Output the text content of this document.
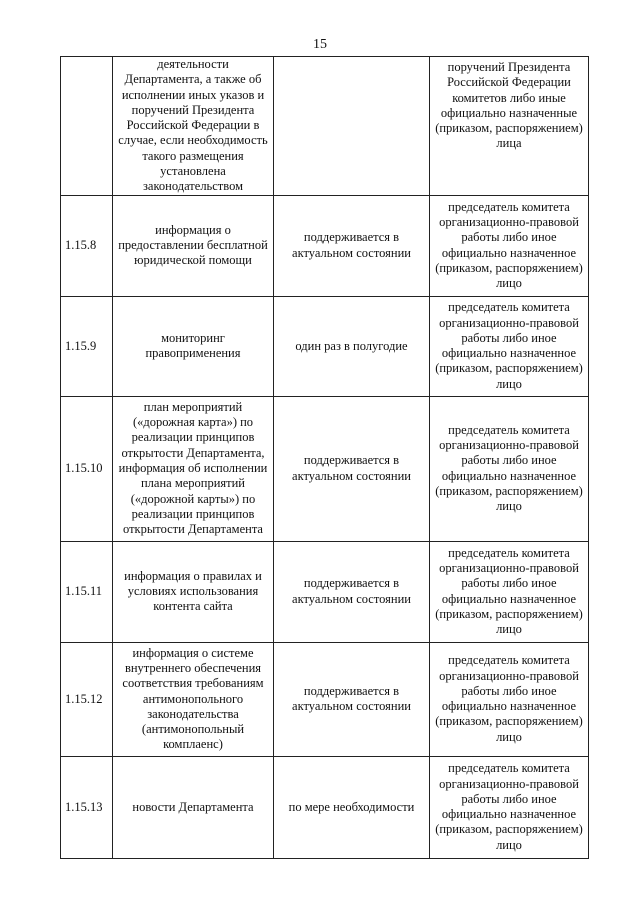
15
	деятельности Департамента, а также об исполнении иных указов и поручений Президента Российской Федерации в случае, если необходимость такого размещения установлена законодательством		поручений Президента Российской Федерации комитетов либо иные официально назначенные (приказом, распоряжением) лица
1.15.8	информация о предоставлении бесплатной юридической помощи	поддерживается в актуальном состоянии	председатель комитета организационно-правовой работы либо иное официально назначенное (приказом, распоряжением) лицо
1.15.9	мониторинг правоприменения	один раз в полугодие	председатель комитета организационно-правовой работы либо иное официально назначенное (приказом, распоряжением) лицо
1.15.10	план мероприятий («дорожная карта») по реализации принципов открытости Департамента, информация об исполнении плана мероприятий («дорожной карты») по реализации принципов открытости Департамента	поддерживается в актуальном состоянии	председатель комитета организационно-правовой работы либо иное официально назначенное (приказом, распоряжением) лицо
1.15.11	информация о правилах и условиях использования контента сайта	поддерживается в актуальном состоянии	председатель комитета организационно-правовой работы либо иное официально назначенное (приказом, распоряжением) лицо
1.15.12	информация о системе внутреннего обеспечения соответствия требованиям антимонопольного законодательства (антимонопольный комплаенс)	поддерживается в актуальном состоянии	председатель комитета организационно-правовой работы либо иное официально назначенное (приказом, распоряжением) лицо
1.15.13	новости Департамента	по мере необходимости	председатель комитета организационно-правовой работы либо иное официально назначенное (приказом, распоряжением) лицо
